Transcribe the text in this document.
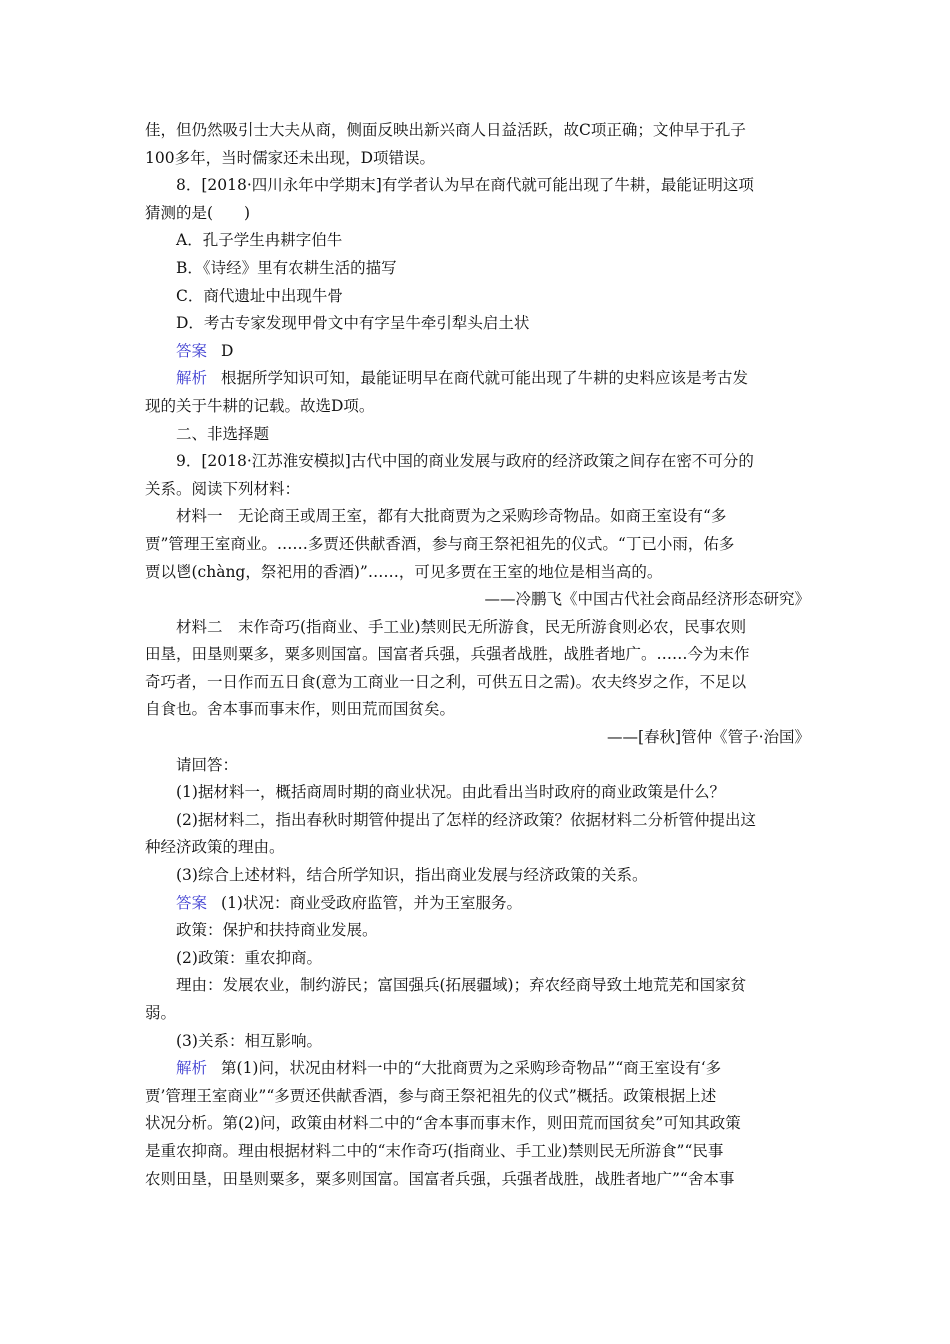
佳，但仍然吸引士大夫从商，侧面反映出新兴商人日益活跃，故C项正确；文仲早于孔子
100多年，当时儒家还未出现，D项错误。
8．[2018·四川永年中学期末]有学者认为早在商代就可能出现了牛耕，最能证明这项
猜测的是(　　)
A．孔子学生冉耕字伯牛
B．《诗经》里有农耕生活的描写
C．商代遗址中出现牛骨
D．考古专家发现甲骨文中有字呈牛牵引犁头启土状
答案 D
解析 根据所学知识可知，最能证明早在商代就可能出现了牛耕的史料应该是考古发
现的关于牛耕的记载。故选D项。
二、非选择题
9．[2018·江苏淮安模拟]古代中国的商业发展与政府的经济政策之间存在密不可分的
关系。阅读下列材料：
材料一　无论商王或周王室，都有大批商贾为之采购珍奇物品。如商王室设有“多
贾”管理王室商业。……多贾还供献香酒，参与商王祭祀祖先的仪式。“丁已小雨，佑多
贾以鬯(chàng，祭祀用的香酒)”……，可见多贾在王室的地位是相当高的。
——冷鹏飞《中国古代社会商品经济形态研究》
材料二　末作奇巧(指商业、手工业)禁则民无所游食，民无所游食则必农，民事农则
田垦，田垦则粟多，粟多则国富。国富者兵强，兵强者战胜，战胜者地广。……今为末作
奇巧者，一日作而五日食(意为工商业一日之利，可供五日之需)。农夫终岁之作，不足以
自食也。舍本事而事末作，则田荒而国贫矣。
——[春秋]管仲《管子·治国》
请回答：
(1)据材料一，概括商周时期的商业状况。由此看出当时政府的商业政策是什么？
(2)据材料二，指出春秋时期管仲提出了怎样的经济政策？依据材料二分析管仲提出这
种经济政策的理由。
(3)综合上述材料，结合所学知识，指出商业发展与经济政策的关系。
答案 (1)状况：商业受政府监管，并为王室服务。
政策：保护和扶持商业发展。
(2)政策：重农抑商。
理由：发展农业，制约游民；富国强兵(拓展疆域)；弃农经商导致土地荒芜和国家贫
弱。
(3)关系：相互影响。
解析 第(1)问，状况由材料一中的“大批商贾为之采购珍奇物品”“商王室设有‘多
贾’管理王室商业”“多贾还供献香酒，参与商王祭祀祖先的仪式”概括。政策根据上述
状况分析。第(2)问，政策由材料二中的“舍本事而事末作，则田荒而国贫矣”可知其政策
是重农抑商。理由根据材料二中的“末作奇巧(指商业、手工业)禁则民无所游食”“民事
农则田垦，田垦则粟多，粟多则国富。国富者兵强，兵强者战胜，战胜者地广”“舍本事
